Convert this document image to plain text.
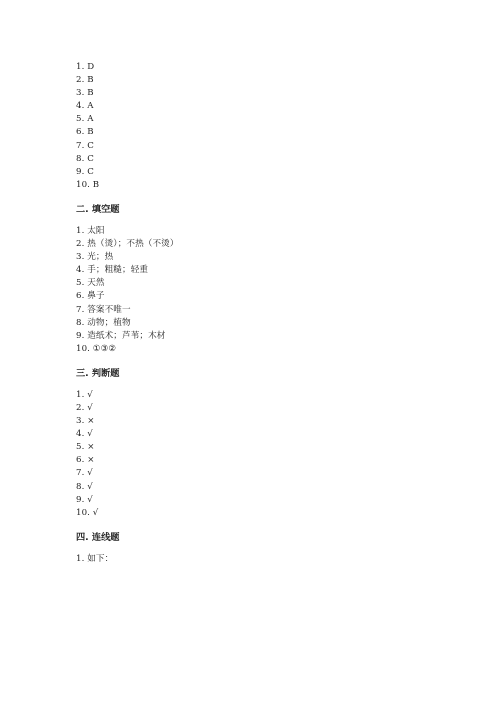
1. D
2. B
3. B
4. A
5. A
6. B
7. C
8. C
9. C
10. B
二. 填空题
1. 太阳
2. 热（烫）；不热（不烫）
3. 光；热
4. 手；粗糙；轻重
5. 天然
6. 鼻子
7. 答案不唯一
8. 动物；植物
9. 造纸术；芦苇；木材
10. ①③②
三. 判断题
1. √
2. √
3. ×
4. √
5. ×
6. ×
7. √
8. √
9. √
10. √
四. 连线题
1. 如下：
